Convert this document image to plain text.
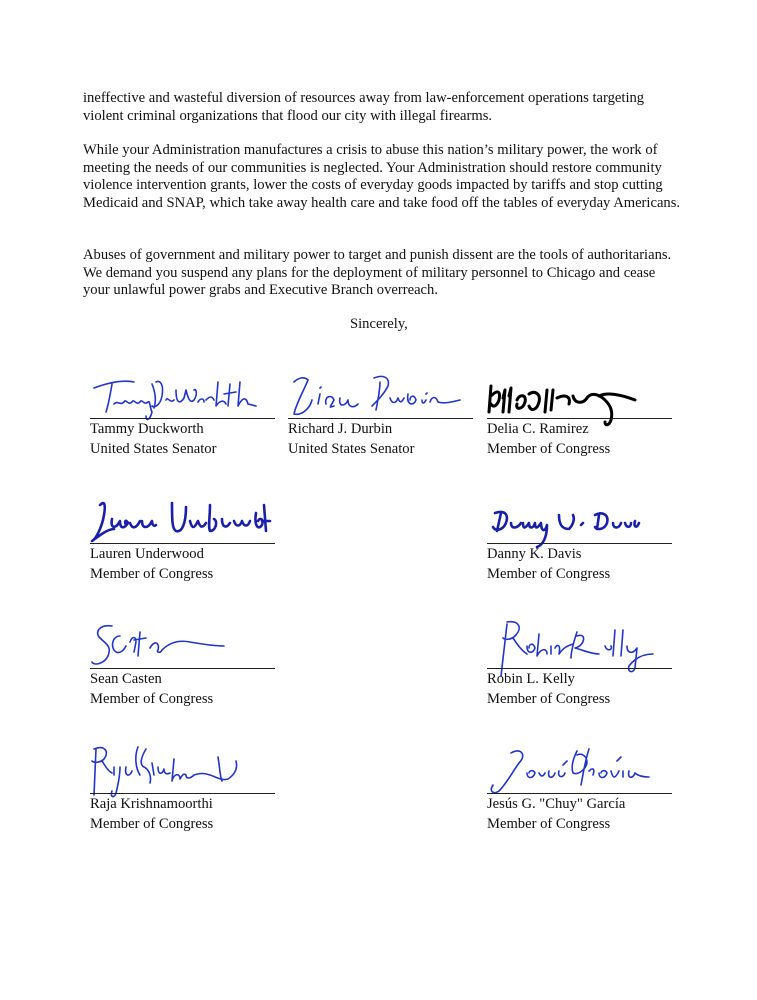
ineffective and wasteful diversion of resources away from law-enforcement operations targeting violent criminal organizations that flood our city with illegal firearms.

While your Administration manufactures a crisis to abuse this nation’s military power, the work of meeting the needs of our communities is neglected. Your Administration should restore community violence intervention grants, lower the costs of everyday goods impacted by tariffs and stop cutting Medicaid and SNAP, which take away health care and take food off the tables of everyday Americans.

Abuses of government and military power to target and punish dissent are the tools of authoritarians. We demand you suspend any plans for the deployment of military personnel to Chicago and cease your unlawful power grabs and Executive Branch overreach.

Sincerely,

Tammy Duckworth
United States Senator
Richard J. Durbin
United States Senator
Delia C. Ramirez
Member of Congress
Lauren Underwood
Member of Congress
Danny K. Davis
Member of Congress
Sean Casten
Member of Congress
Robin L. Kelly
Member of Congress
Raja Krishnamoorthi
Member of Congress
Jesús G. "Chuy" García
Member of Congress
